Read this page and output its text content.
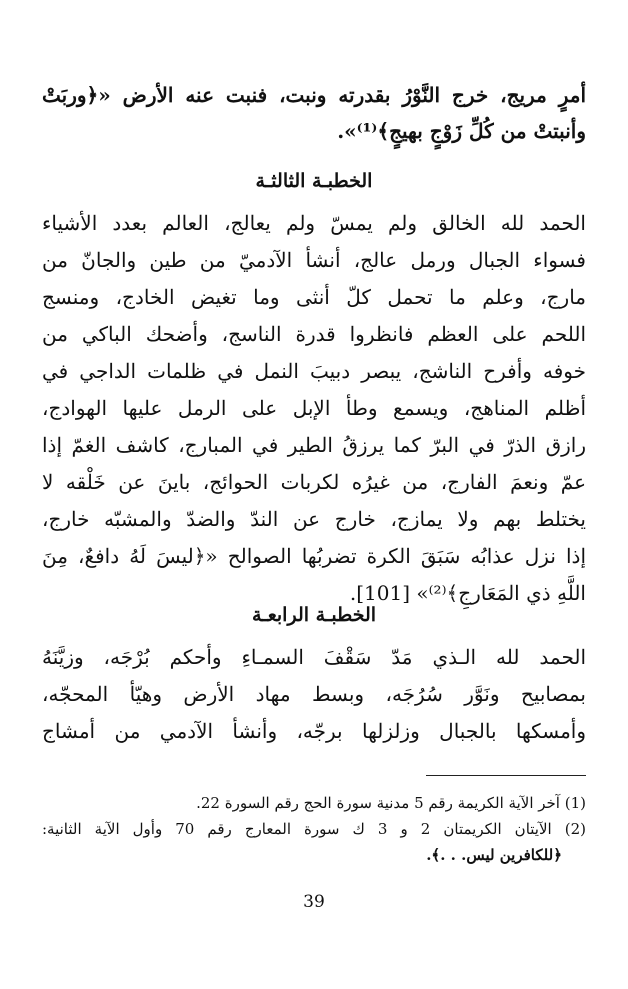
أمرٍ مريج، خرج النَّوْرُ بقدرته ونبت، فنبت عنه الأرض «﴿وربَتْ
وأنبتتْ من كُلِّ زَوْجٍ بهيجٍ﴾⁽¹⁾».
الخطبـة الثالثـة
الحمد لله الخالق ولم يمسّ ولم يعالج، العالم بعدد الأشياء
فسواء الجبال ورمل عالج، أنشأ الآدميّ من طين والجانّ من
مارج، وعلم ما تحمل كلّ أنثى وما تغيض الخادج، ومنسج
اللحم على العظم فانظروا قدرة الناسج، وأضحك الباكي من
خوفه وأفرح الناشج، يبصر دبيبَ النمل في ظلمات الداجي في
أظلم المناهج، ويسمع وطأ الإبل على الرمل عليها الهوادج،
رازق الذرّ في البرّ كما يرزقُ الطير في المبارج، كاشف الغمّ إذا
عمّ ونعمَ الفارج، من غيرُه لكربات الحوائج، باينَ عن خَلْقه لا
يختلط بهم ولا يمازج، خارج عن الندّ والضدّ والمشبّه خارج،
إذا نزل عذابُه سَبَقَ الكرة تضربُها الصوالح «﴿ليسَ لَهُ دافعٌ، مِنَ
اللَّهِ ذي المَعَارجِ﴾⁽²⁾» [101].
الخطبـة الرابعـة
الحمد لله الـذي مَدّ سَقْفَ السمـاءِ وأحكم بُرْجَه، وزيَّنَهُ
بمصابيح ونَوَّر سُرُجَه، وبسط مهاد الأرض وهيّأ المحجّه،
وأمسكها بالجبال وزلزلها برجّه، وأنشأ الآدمي من أمشاج
(1) آخر الآية الكريمة رقم 5 مدنية سورة الحج رقم السورة 22.
(2) الآيتان الكريمتان 2 و 3 ك سورة المعارج رقم 70 وأول الآية الثانية:
﴿للكافرين ليس. . .﴾.
39
